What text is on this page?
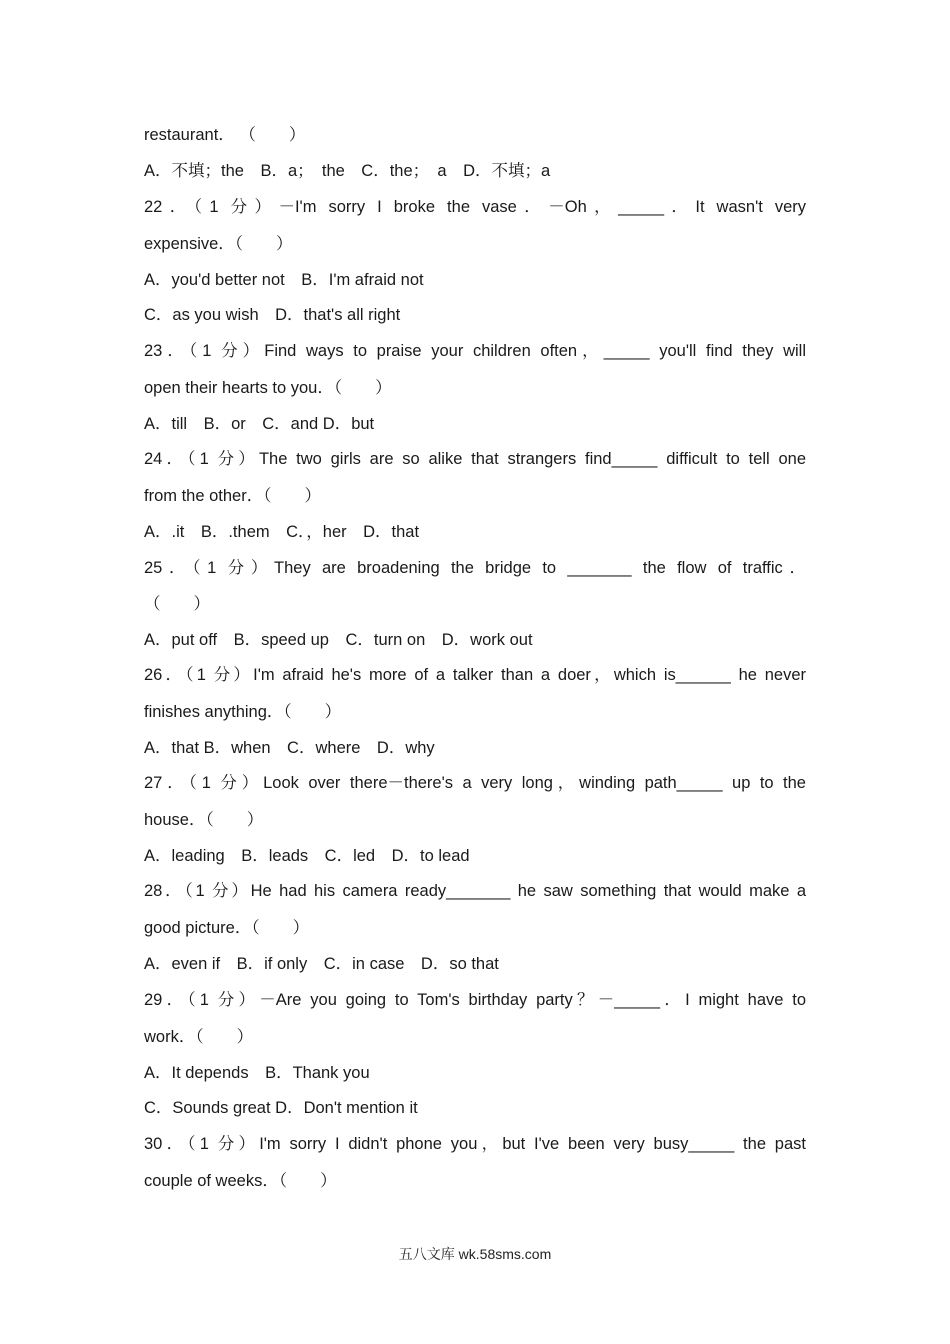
restaurant． （　　）
A．不填；the　B．a；　the　C．the；　a　D．不填；a
22．（1 分）－I'm sorry I broke the vase．－Oh，_____．It wasn't very
expensive．（　　）
A．you'd better not　B．I'm afraid not
C．as you wish　D．that's all right
23．（1 分）Find ways to praise your children often，_____ you'll find they will
open their hearts to you．（　　）
A．till　B．or　C．and D．but
24．（1 分）The two girls are so alike that strangers find_____ difficult to tell one
from the other．（　　）
A．.it　B．.them　C．，her　D．that
25．（1 分）They are broadening the bridge to _______ the flow of traffic．
（　　）
A．put off　B．speed up　C．turn on　D．work out
26．（1 分）I'm afraid he's more of a talker than a doer，which is______ he never
finishes anything．（　　）
A．that B．when　C．where　D．why
27．（1 分）Look over there－there's a very long，winding path_____ up to the
house．（　　）
A．leading　B．leads　C．led　D．to lead
28．（1 分）He had his camera ready_______ he saw something that would make a
good picture．（　　）
A．even if　B．if only　C．in case　D．so that
29．（1 分）－Are you going to Tom's birthday party？－_____．I might have to
work．（　　）
A．It depends　B．Thank you
C．Sounds great D．Don't mention it
30．（1 分）I'm sorry I didn't phone you，but I've been very busy_____ the past
couple of weeks．（　　）
五八文库 wk.58sms.com
